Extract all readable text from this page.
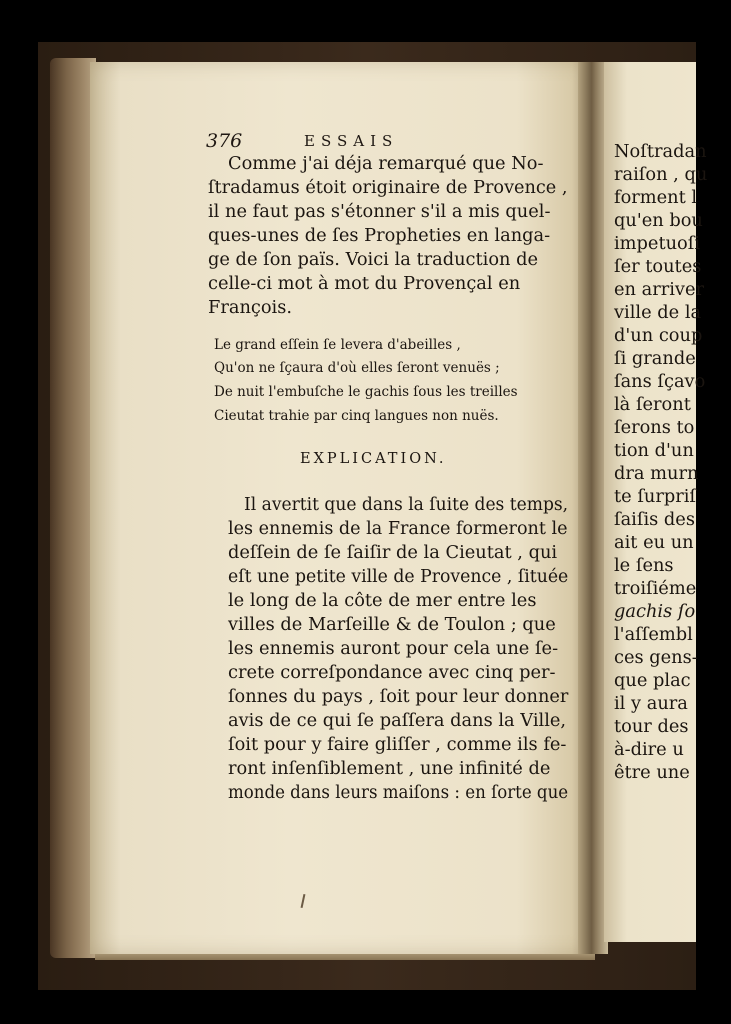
Noſtradan
raiſon , qu
forment l
qu'en bou
impetuoſi
ſer toutes
en arriver
ville de la
d'un coup
ſi grande
ſans ſçavo
là ſeront
ſerons to
tion d'un
dra murn
te ſurpriſ
ſaiſis des
ait eu un
le ſens
troiſiéme
gachis ſo
l'aſſembl
ces gens-
que plac
il y aura
tour des
à-dire u
être une
376	ESSAIS
Comme j'ai déja remarqué que No-
ſtradamus étoit originaire de Provence ,
il ne faut pas s'étonner s'il a mis quel-
ques-unes de ſes Propheties en langa-
ge de ſon païs. Voici la traduction de
celle-ci mot à mot du Provençal en
François.
Le grand eſſein ſe levera d'abeilles ,
Qu'on ne ſçaura d'où elles ſeront venuës ;
De nuit l'embuſche le gachis ſous les treilles
Cieutat trahie par cinq langues non nuës.
EXPLICATION.
Il avertit que dans la ſuite des temps,
les ennemis de la France formeront le
deſſein de ſe ſaiſir de la Cieutat , qui
eſt une petite ville de Provence , ſituée
le long de la côte de mer entre les
villes de Marſeille & de Toulon ; que
les ennemis auront pour cela une ſe-
crete correſpondance avec cinq per-
ſonnes du pays , ſoit pour leur donner
avis de ce qui ſe paſſera dans la Ville,
ſoit pour y faire gliſſer , comme ils fe-
ront inſenſiblement , une infinité de
monde dans leurs maiſons : en ſorte que
